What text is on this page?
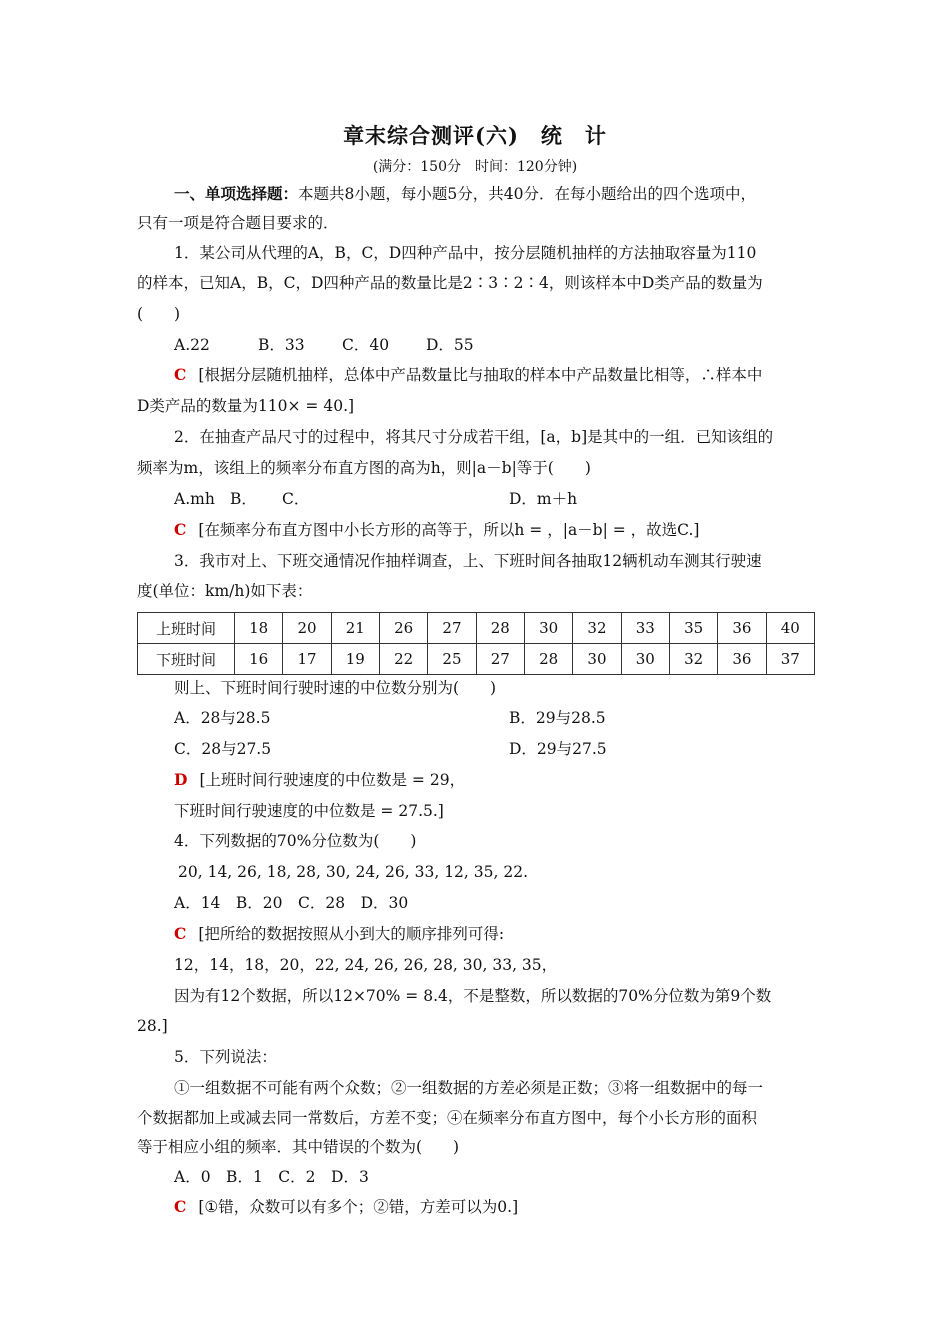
章末综合测评(六)　统　计
(满分：150分　时间：120分钟)
一、单项选择题：本题共8小题，每小题5分，共40分．在每小题给出的四个选项中，
只有一项是符合题目要求的．
1．某公司从代理的A，B，C，D四种产品中，按分层随机抽样的方法抽取容量为110
的样本，已知A，B，C，D四种产品的数量比是2∶3∶2∶4，则该样本中D类产品的数量为
(　　)
A.22	B．33 C．40 D．55
C [根据分层随机抽样，总体中产品数量比与抽取的样本中产品数量比相等，∴样本中
D类产品的数量为110× = 40.]
2．在抽查产品尺寸的过程中，将其尺寸分成若干组，[a，b]是其中的一组．已知该组的
频率为m，该组上的频率分布直方图的高为h，则|a－b|等于(　　)
A.mh B． C．	D．m＋h
C [在频率分布直方图中小长方形的高等于，所以h = ，|a－b| = ，故选C.]
3．我市对上、下班交通情况作抽样调查，上、下班时间各抽取12辆机动车测其行驶速
度(单位：km/h)如下表：
上班时间	18	20	21	26	27	28	30	32	33	35	36	40
下班时间	16	17	19	22	25	27	28	30	30	32	36	37
则上、下班时间行驶时速的中位数分别为(　　)
A．28与28.5	B．29与28.5
C．28与27.5	D．29与27.5
D [上班时间行驶速度的中位数是 = 29，
下班时间行驶速度的中位数是 = 27.5.]
4．下列数据的70%分位数为(　　)
20, 14, 26, 18, 28, 30, 24, 26, 33, 12, 35, 22.
A．14　B．20　C．28　D．30
C [把所给的数据按照从小到大的顺序排列可得:
12，14，18，20，22, 24, 26, 26, 28, 30, 33, 35，
因为有12个数据，所以12×70% = 8.4，不是整数，所以数据的70%分位数为第9个数
28.]
5．下列说法：
①一组数据不可能有两个众数；②一组数据的方差必须是正数；③将一组数据中的每一
个数据都加上或减去同一常数后，方差不变；④在频率分布直方图中，每个小长方形的面积
等于相应小组的频率．其中错误的个数为(　　)
A．0　B．1　C．2　D．3
C [①错，众数可以有多个；②错，方差可以为0.]
